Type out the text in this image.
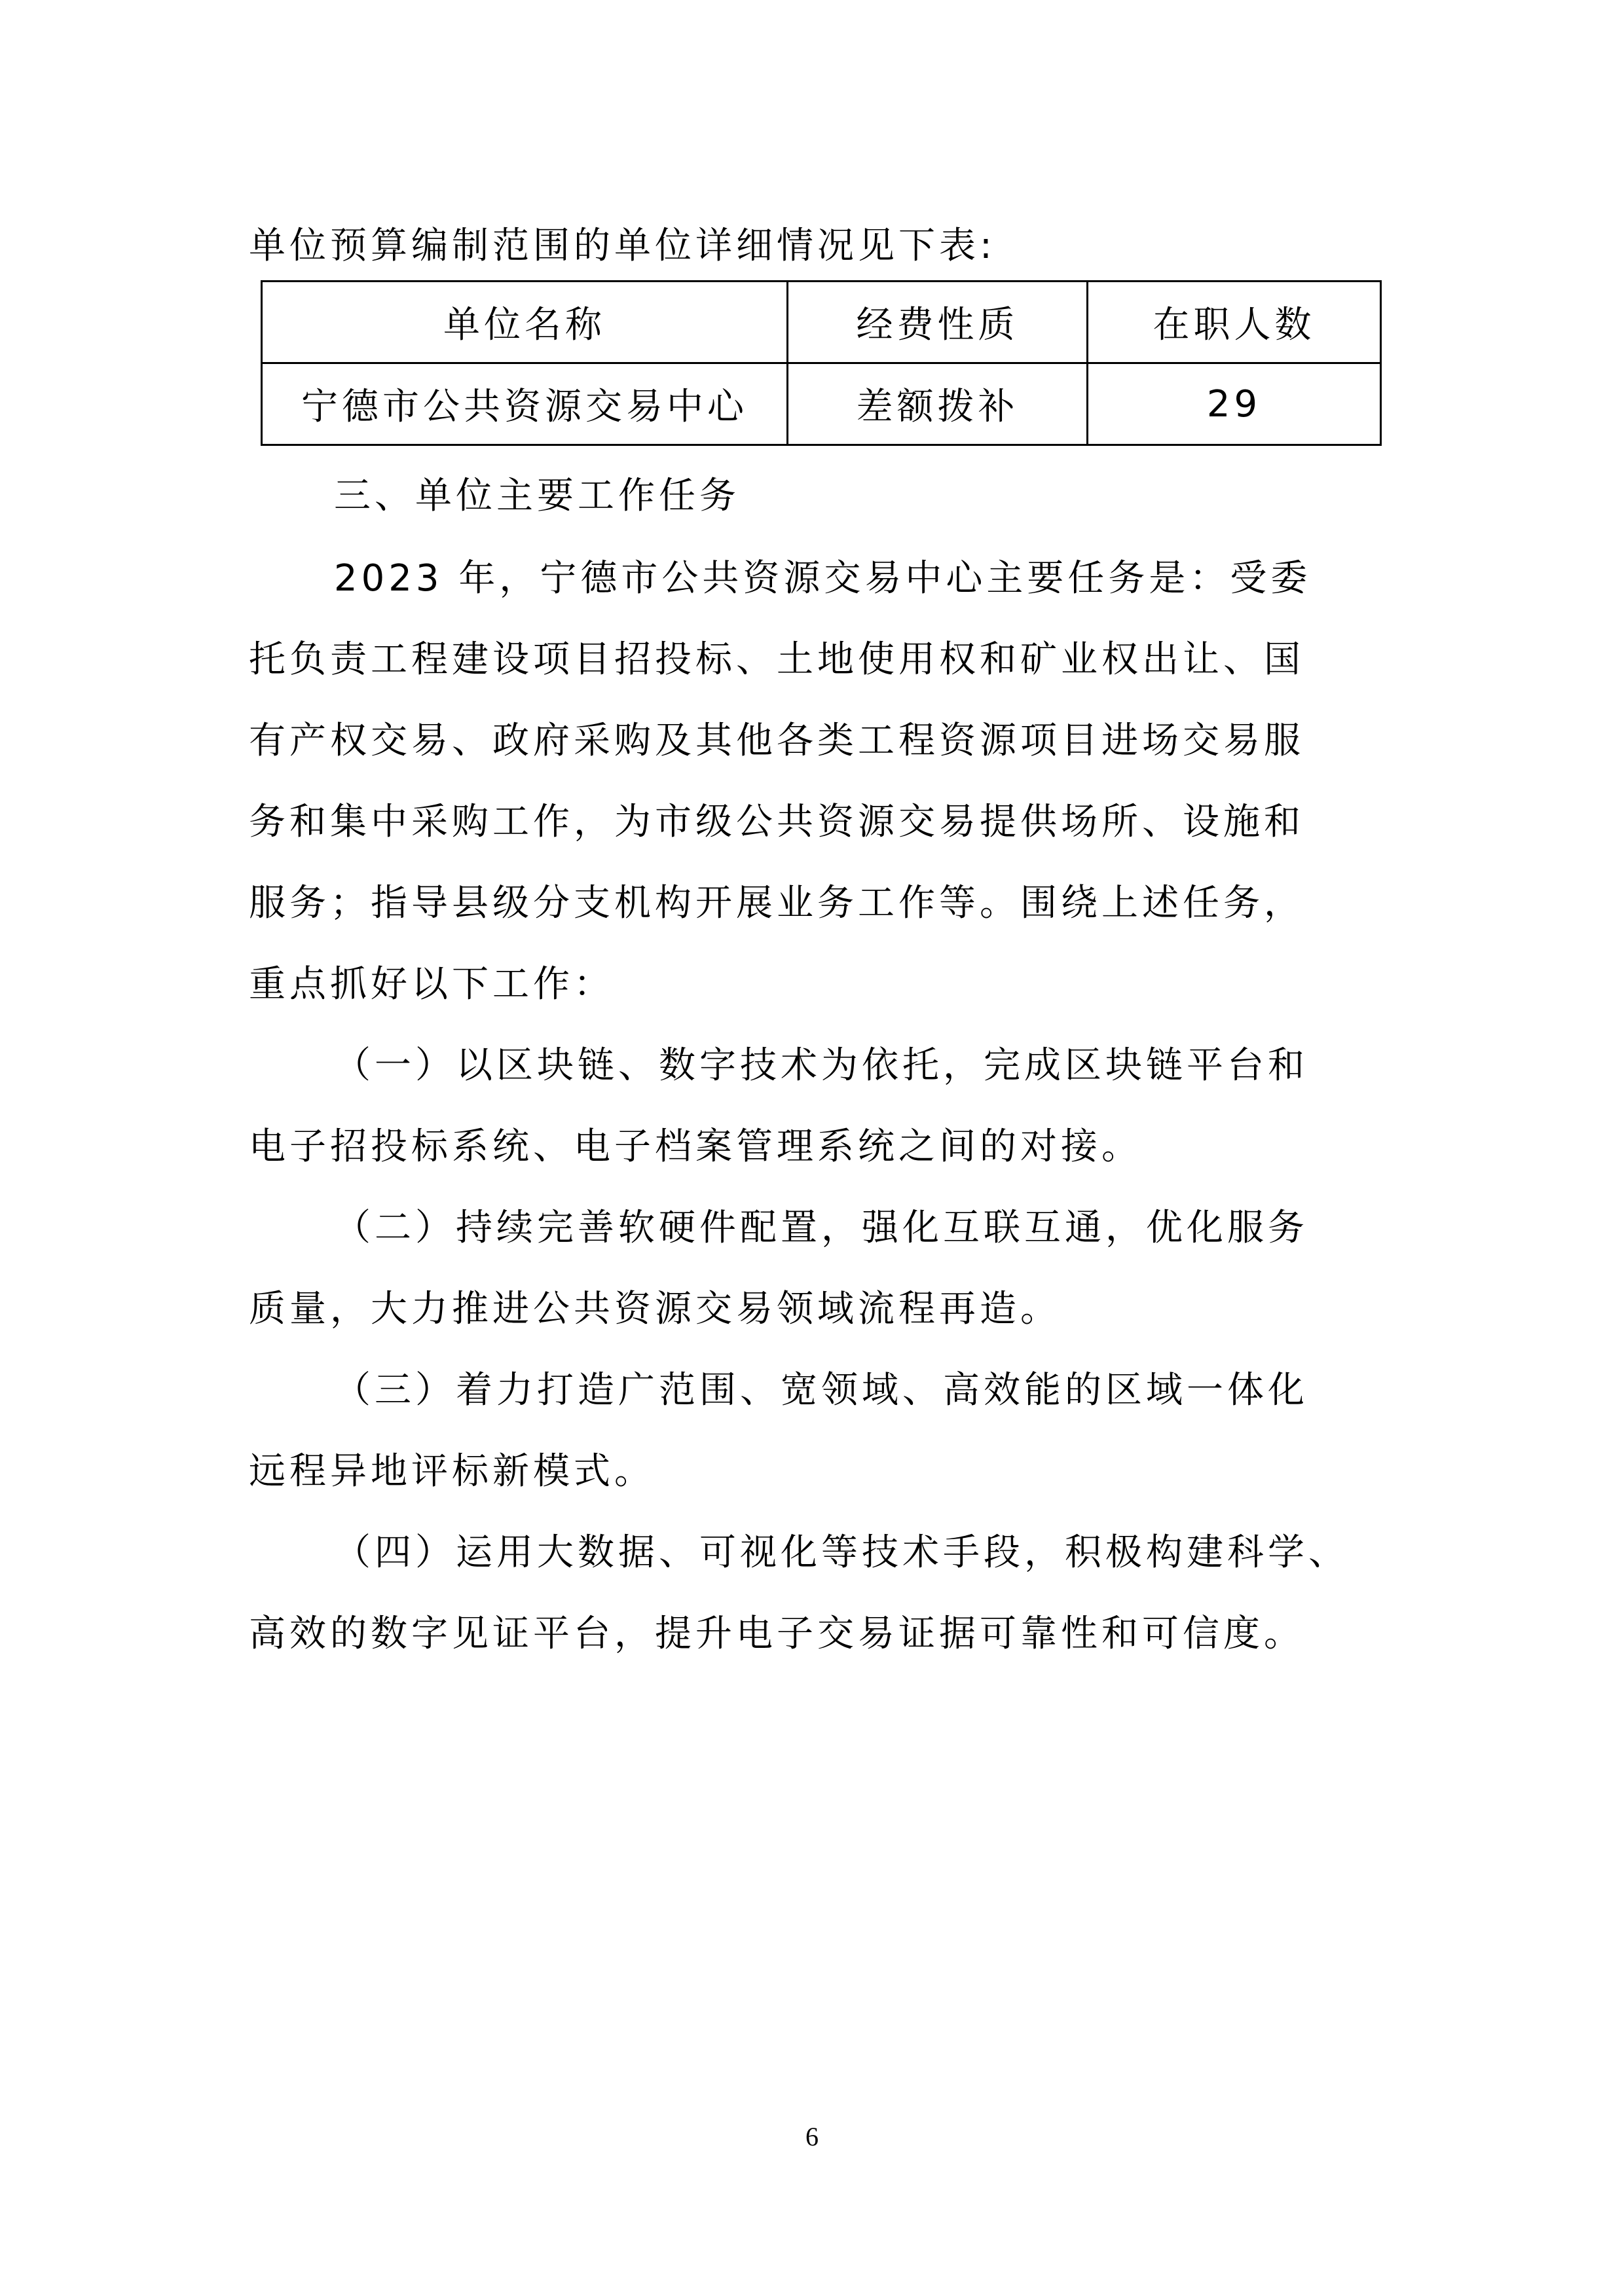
单位预算编制范围的单位详细情况见下表:
单位名称	经费性质	在职人数
宁德市公共资源交易中心	差额拨补	29
三、单位主要工作任务
2023 年，宁德市公共资源交易中心主要任务是：受委
托负责工程建设项目招投标、土地使用权和矿业权出让、国
有产权交易、政府采购及其他各类工程资源项目进场交易服
务和集中采购工作，为市级公共资源交易提供场所、设施和
服务；指导县级分支机构开展业务工作等。围绕上述任务，
重点抓好以下工作：
（一）以区块链、数字技术为依托，完成区块链平台和
电子招投标系统、电子档案管理系统之间的对接。
（二）持续完善软硬件配置，强化互联互通，优化服务
质量，大力推进公共资源交易领域流程再造。
（三）着力打造广范围、宽领域、高效能的区域一体化
远程异地评标新模式。
（四）运用大数据、可视化等技术手段，积极构建科学、
高效的数字见证平台，提升电子交易证据可靠性和可信度。
6
